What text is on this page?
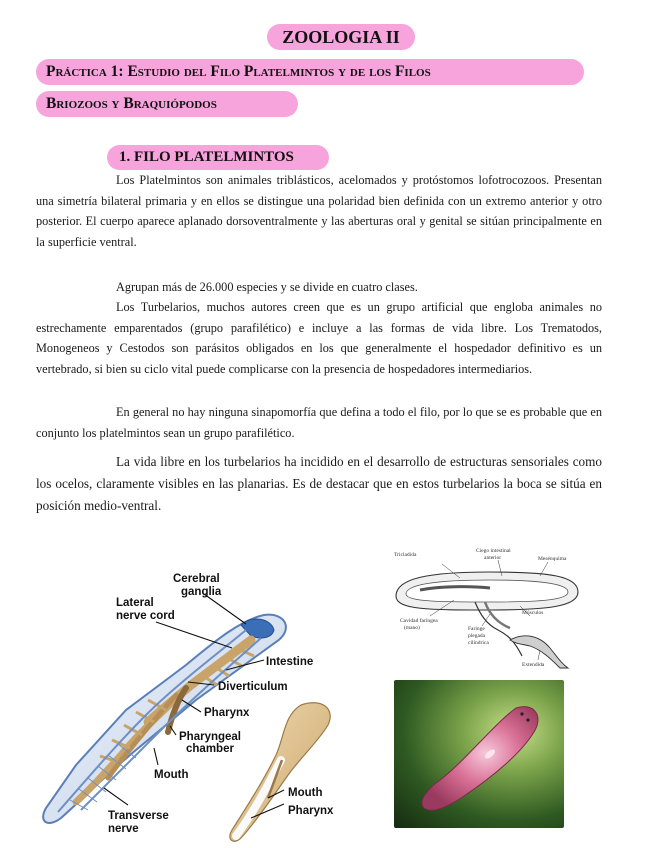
ZOOLOGIA II
Práctica 1: Estudio del Filo Platelmintos y de los Filos
Briozoos y Braquiópodos
1. FILO PLATELMINTOS

Los Platelmintos son animales triblásticos, acelomados y protóstomos lofotrocozoos. Presentan una simetría bilateral primaria y en ellos se distingue una polaridad bien definida con un extremo anterior y otro posterior. El cuerpo aparece aplanado dorsoventralmente y las aberturas oral y genital se sitúan principalmente en la superficie ventral.

Agrupan más de 26.000 especies y se divide en cuatro clases.

Los Turbelarios, muchos autores creen que es un grupo artificial que engloba animales no estrechamente emparentados (grupo parafilético) e incluye a las formas de vida libre. Los Trematodos, Monogeneos y Cestodos son parásitos obligados en los que generalmente el hospedador definitivo es un vertebrado, si bien su ciclo vital puede complicarse con la presencia de hospedadores intermediarios.

En general no hay ninguna sinapomorfía que defina a todo el filo, por lo que se es probable que en conjunto los platelmintos sean un grupo parafilético.

La vida libre en los turbelarios ha incidido en el desarrollo de estructuras sensoriales como los ocelos, claramente visibles en las planarias. Es de destacar que en estos turbelarios la boca se sitúa en posición medio-ventral.

Cerebral
ganglia
Lateral
nerve cord
Intestine
Diverticulum
Pharynx
Pharyngeal
chamber
Mouth
Transverse
nerve
Mouth
Pharynx
Tricladida
Ciego intestinal
anterior	Mesénquima
Cavidad faríngea
(mano)	Faringe
plegada
cilíndrica
Músculos
Extendida
